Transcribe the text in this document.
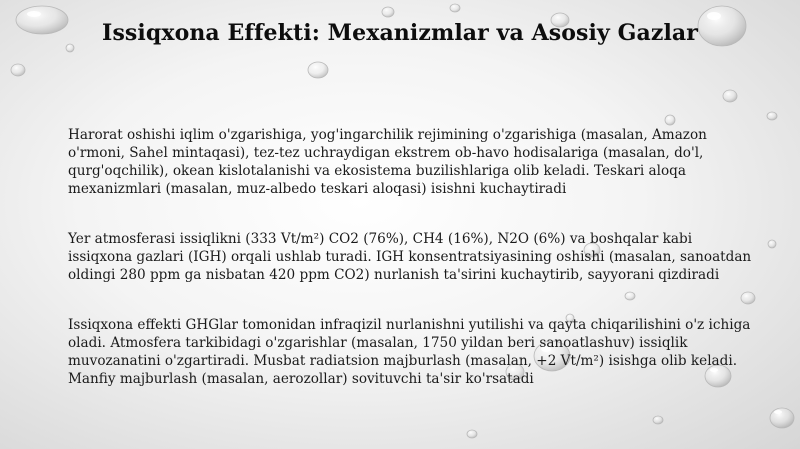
Issiqxona Effekti: Mexanizmlar va Asosiy Gazlar

Harorat oshishi iqlim o'zgarishiga, yog'ingarchilik rejimining o'zgarishiga (masalan, Amazon o'rmoni, Sahel mintaqasi), tez-tez uchraydigan ekstrem ob-havo hodisalariga (masalan, do'l, qurg'oqchilik), okean kislotalanishi va ekosistema buzilishlariga olib keladi. Teskari aloqa mexanizmlari (masalan, muz-albedo teskari aloqasi) isishni kuchaytiradi

Yer atmosferasi issiqlikni (333 Vt/m²) CO2 (76%), CH4 (16%), N2O (6%) va boshqalar kabi issiqxona gazlari (IGH) orqali ushlab turadi. IGH konsentratsiyasining oshishi (masalan, sanoatdan oldingi 280 ppm ga nisbatan 420 ppm CO2) nurlanish ta'sirini kuchaytirib, sayyorani qizdiradi

Issiqxona effekti GHGlar tomonidan infraqizil nurlanishni yutilishi va qayta chiqarilishini o'z ichiga oladi. Atmosfera tarkibidagi o'zgarishlar (masalan, 1750 yildan beri sanoatlashuv) issiqlik muvozanatini o'zgartiradi. Musbat radiatsion majburlash (masalan, +2 Vt/m²) isishga olib keladi. Manfiy majburlash (masalan, aerozollar) sovituvchi ta'sir ko'rsatadi
